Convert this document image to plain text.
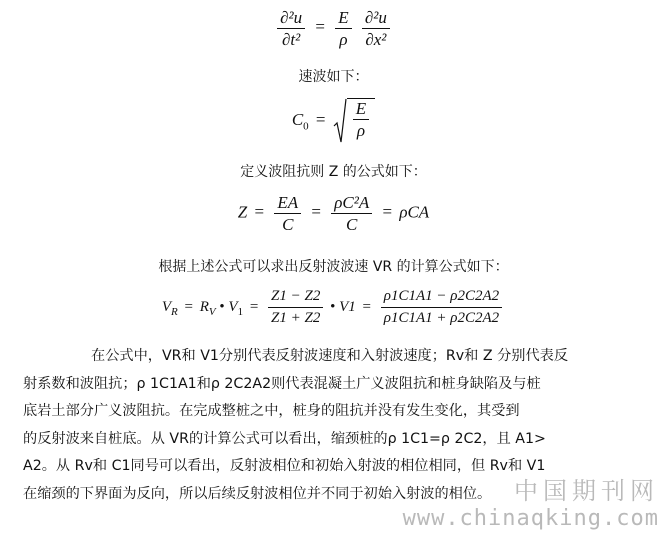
$\frac{\text{∂²u}}{\text{∂t²}} = \frac{E}{\rho}$
$\frac{\text{∂²u}}{\text{∂x²}}$
速波如下：
$C_0 = \frac{E}{\rho}$
定义波阻抗则 Z 的公式如下：
$Z = \frac{EA}{C} = \frac{\text{ρC²A}}{C} = \rho CA$
根据上述公式可以求出反射波波速 VR 的计算公式如下：
$V_R = R_V$ • $V_1 = \frac{Z1 - Z2}{Z1 + Z2}$ • $V1 = \frac{\rho 1C1A1 - \rho 2C2A2}{\rho 1C1A1 + \rho 2C2A2}$

在公式中，VR和 V1分别代表反射波速度和入射波速度；Rv和 Z 分别代表反

射系数和波阻抗；ρ 1C1A1和ρ 2C2A2则代表混凝土广义波阻抗和桩身缺陷及与桩

底岩土部分广义波阻抗。在完成整桩之中，桩身的阻抗并没有发生变化，其受到

的反射波来自桩底。从 VR的计算公式可以看出，缩颈桩的ρ 1C1=ρ 2C2，且 A1>

A2。从 Rv和 C1同号可以看出，反射波相位和初始入射波的相位相同，但 Rv和 V1

在缩颈的下界面为反向，所以后续反射波相位并不同于初始入射波的相位。 中国期刊网
www.chinaqking.com
